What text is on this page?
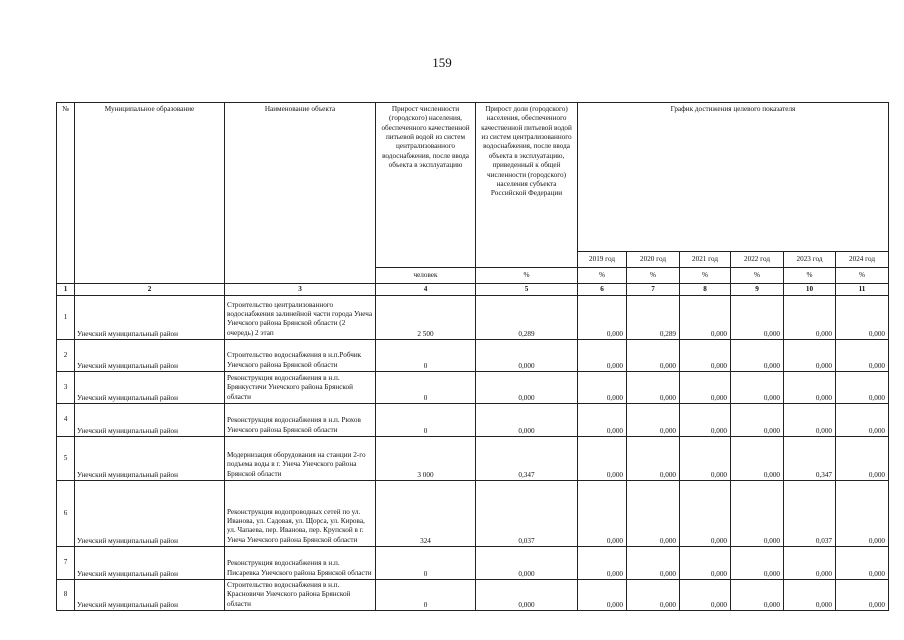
159
№	Муниципальное образование	Наименование объекта	Прирост численности (городского) населения, обеспеченного качественной питьевой водой из систем централизованного водоснабжения, после ввода объекта в эксплуатацию	Прирост доли (городского) населения, обеспеченного качественной питьевой водой из систем централизованного водоснабжения, после ввода объекта в эксплуатацию, приведенный к общей численности (городского) населения субъекта Российской Федерации	График достижения целевого показателя					
					2019 год	2020 год	2021 год	2022 год	2023 год	2024 год
			человек	%	%	%	%	%	%	%
1	2	3	4	5	6	7	8	9	10	11
1	Унечский муниципальный район	Строительство централизованного водоснабжения залинейной части города Унеча Унечского района Брянской области (2 очередь) 2 этап	2 500	0,289	0,000	0,289	0,000	0,000	0,000	0,000
2	Унечский муниципальный район	Строительство водоснабжения в н.п.Робчик Унечского района Брянской области	0	0,000	0,000	0,000	0,000	0,000	0,000	0,000
3	Унечский муниципальный район	Реконструкция водоснабжения в н.п. Брянкустичи Унечского района Брянской области	0	0,000	0,000	0,000	0,000	0,000	0,000	0,000
4	Унечский муниципальный район	Реконструкция водоснабжения в н.п. Рюхов Унечского района Брянской области	0	0,000	0,000	0,000	0,000	0,000	0,000	0,000
5	Унечский муниципальный район	Модернизация оборудования на станции 2-го подъема воды в г. Унеча Унечского района Брянской области	3 000	0,347	0,000	0,000	0,000	0,000	0,347	0,000
6	Унечский муниципальный район	Реконструкция водопроводных сетей по ул. Иванова, ул. Садовая, ул. Щорса, ул. Кирова, ул. Чапаева, пер. Иванова, пер. Крупской в г. Унеча Унечского района Брянской области	324	0,037	0,000	0,000	0,000	0,000	0,037	0,000
7	Унечский муниципальный район	Реконструкция водоснабжения в н.п. Писаревка Унечского района Брянской области	0	0,000	0,000	0,000	0,000	0,000	0,000	0,000
8	Унечский муниципальный район	Строительство водоснабжения в н.п. Красновичи Унечского района Брянской области	0	0,000	0,000	0,000	0,000	0,000	0,000	0,000
